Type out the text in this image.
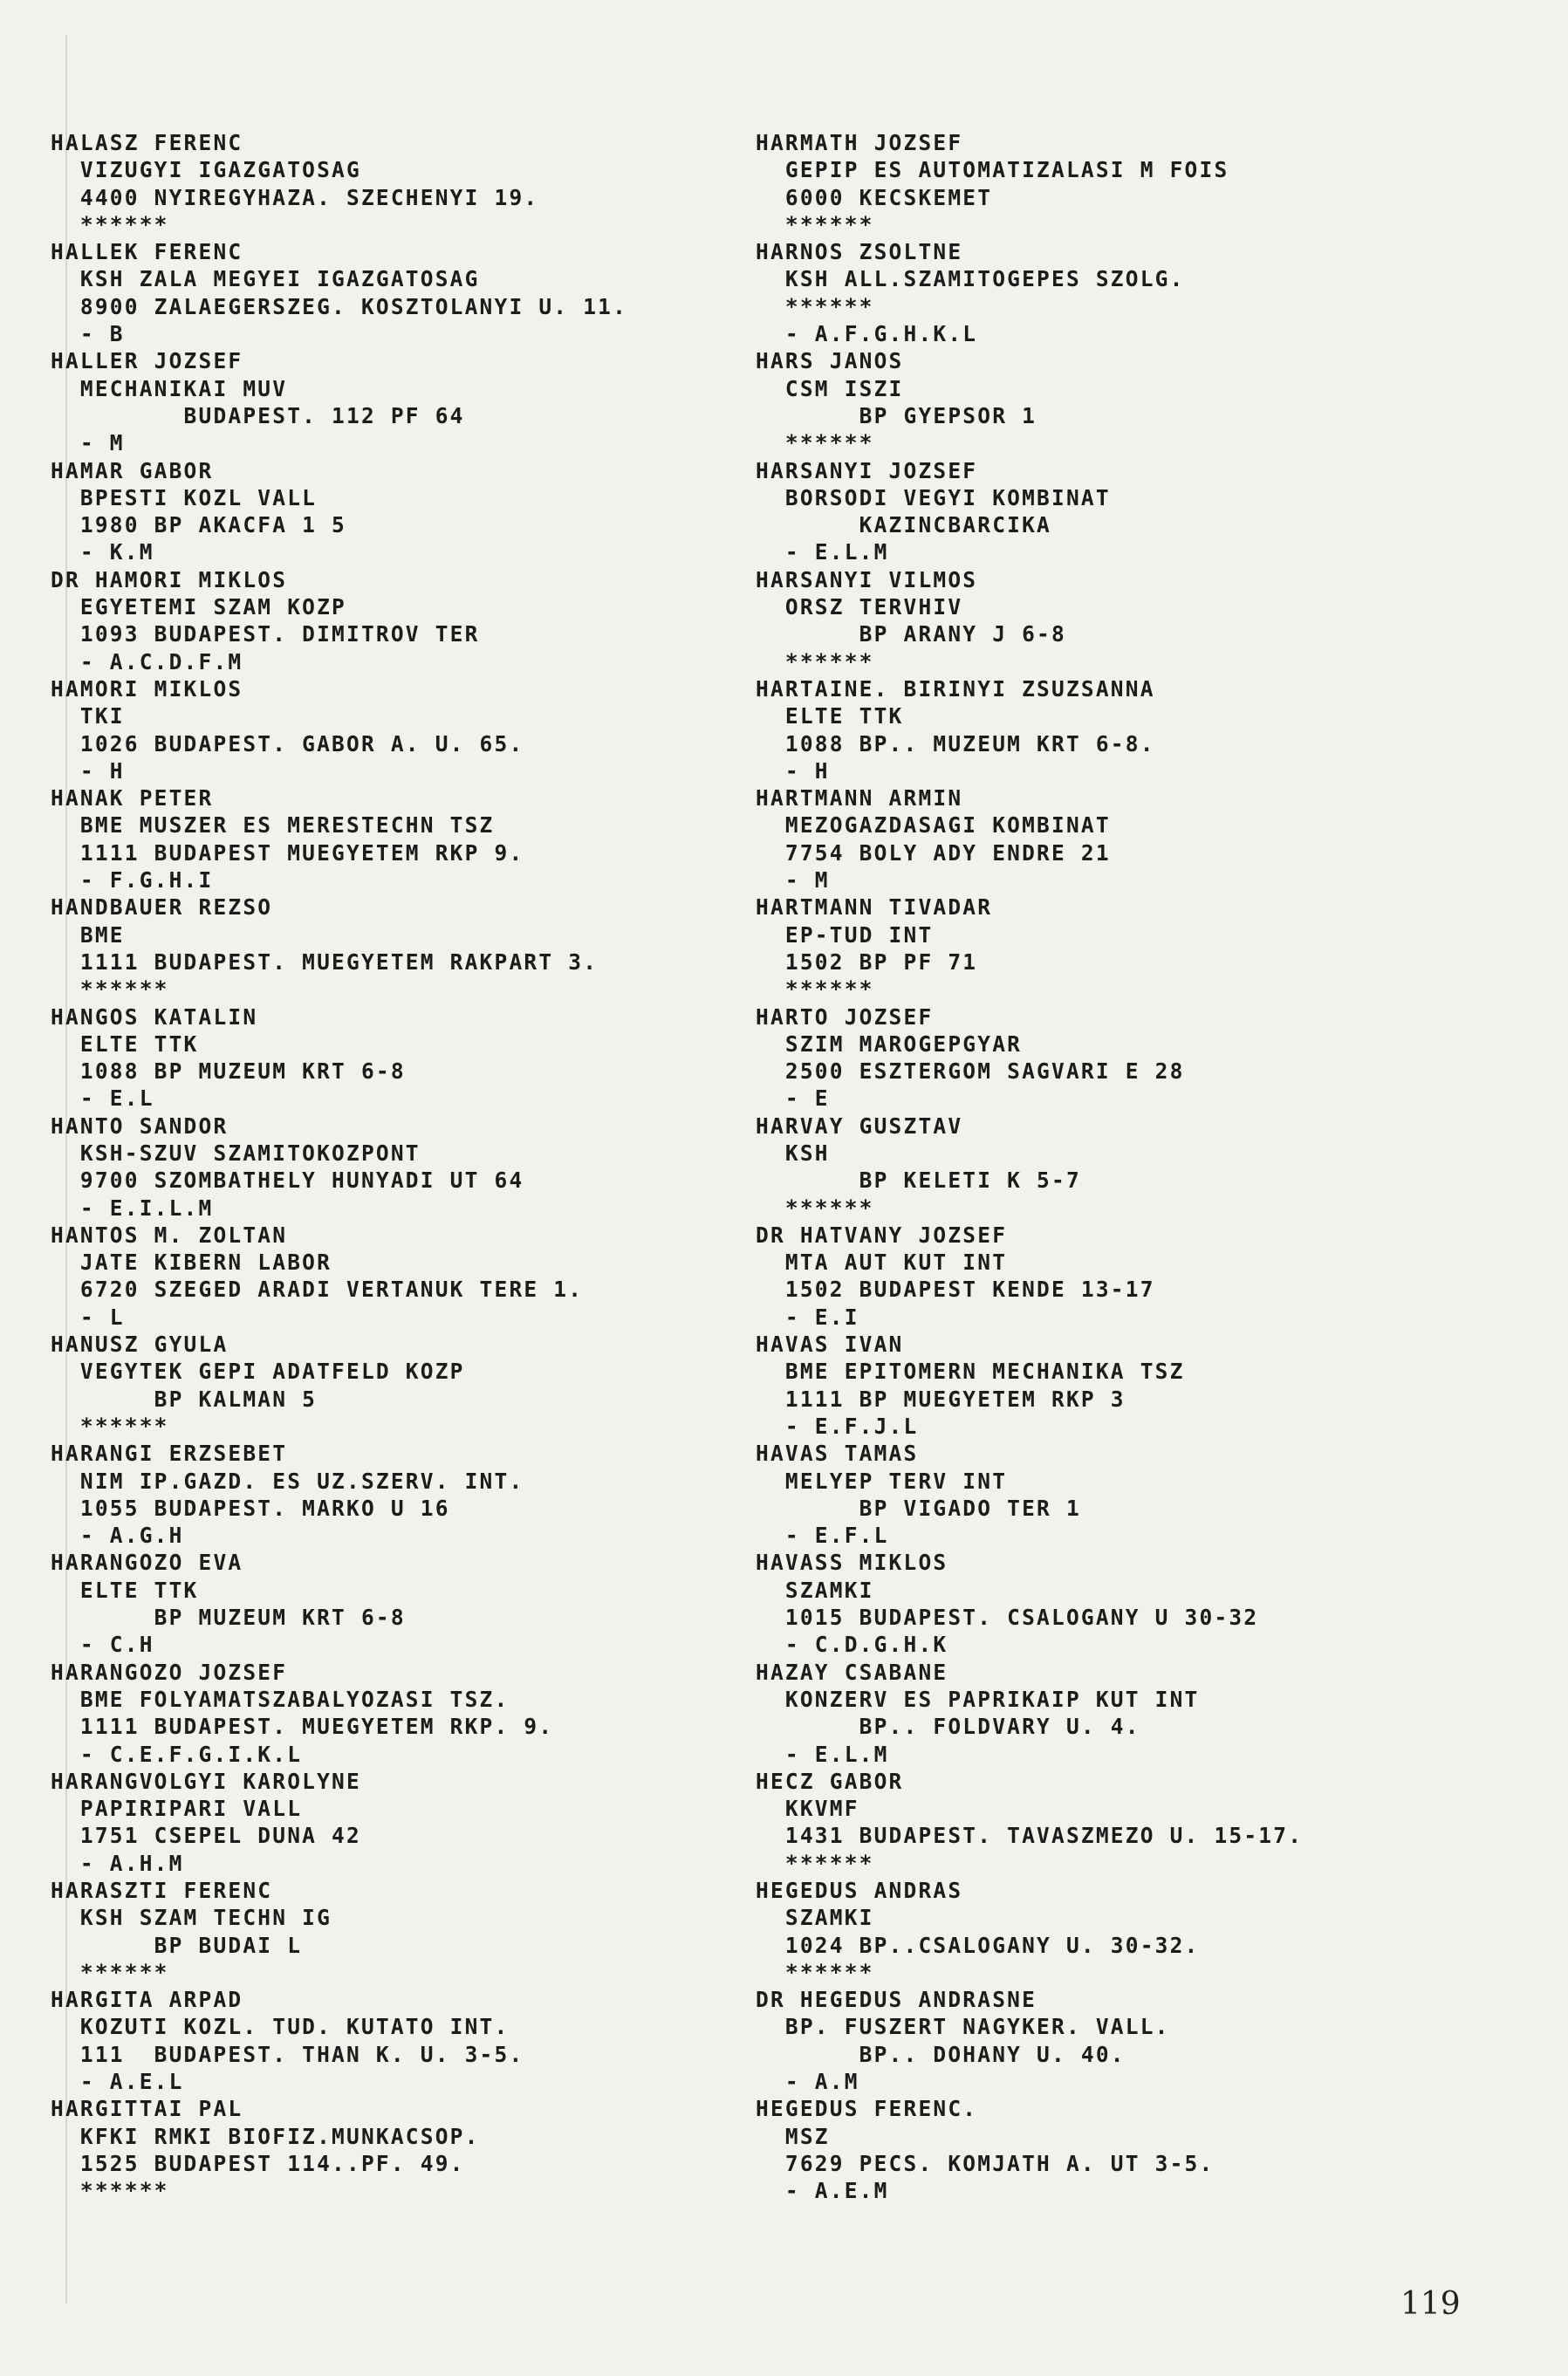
HALASZ FERENC
VIZUGYI IGAZGATOSAG
4400 NYIREGYHAZA. SZECHENYI 19.
******
HALLEK FERENC
KSH ZALA MEGYEI IGAZGATOSAG
8900 ZALAEGERSZEG. KOSZTOLANYI U. 11.
- B
HALLER JOZSEF
MECHANIKAI MUV
BUDAPEST. 112 PF 64
- M
HAMAR GABOR
BPESTI KOZL VALL
1980 BP AKACFA 1 5
- K.M
DR HAMORI MIKLOS
EGYETEMI SZAM KOZP
1093 BUDAPEST. DIMITROV TER
- A.C.D.F.M
HAMORI MIKLOS
TKI
1026 BUDAPEST. GABOR A. U. 65.
- H
HANAK PETER
BME MUSZER ES MERESTECHN TSZ
1111 BUDAPEST MUEGYETEM RKP 9.
- F.G.H.I
HANDBAUER REZSO
BME
1111 BUDAPEST. MUEGYETEM RAKPART 3.
******
HANGOS KATALIN
ELTE TTK
1088 BP MUZEUM KRT 6-8
- E.L
HANTO SANDOR
KSH-SZUV SZAMITOKOZPONT
9700 SZOMBATHELY HUNYADI UT 64
- E.I.L.M
HANTOS M. ZOLTAN
JATE KIBERN LABOR
6720 SZEGED ARADI VERTANUK TERE 1.
- L
HANUSZ GYULA
VEGYTEK GEPI ADATFELD KOZP
BP KALMAN 5
******
HARANGI ERZSEBET
NIM IP.GAZD. ES UZ.SZERV. INT.
1055 BUDAPEST. MARKO U 16
- A.G.H
HARANGOZO EVA
ELTE TTK
BP MUZEUM KRT 6-8
- C.H
HARANGOZO JOZSEF
BME FOLYAMATSZABALYOZASI TSZ.
1111 BUDAPEST. MUEGYETEM RKP. 9.
- C.E.F.G.I.K.L
HARANGVOLGYI KAROLYNE
PAPIRIPARI VALL
1751 CSEPEL DUNA 42
- A.H.M
HARASZTI FERENC
KSH SZAM TECHN IG
BP BUDAI L
******
HARGITA ARPAD
KOZUTI KOZL. TUD. KUTATO INT.
111  BUDAPEST. THAN K. U. 3-5.
- A.E.L
HARGITTAI PAL
KFKI RMKI BIOFIZ.MUNKACSOP.
1525 BUDAPEST 114..PF. 49.
******
HARMATH JOZSEF
GEPIP ES AUTOMATIZALASI M FOIS
6000 KECSKEMET
******
HARNOS ZSOLTNE
KSH ALL.SZAMITOGEPES SZOLG.
******
- A.F.G.H.K.L
HARS JANOS
CSM ISZI
BP GYEPSOR 1
******
HARSANYI JOZSEF
BORSODI VEGYI KOMBINAT
KAZINCBARCIKA
- E.L.M
HARSANYI VILMOS
ORSZ TERVHIV
BP ARANY J 6-8
******
HARTAINE. BIRINYI ZSUZSANNA
ELTE TTK
1088 BP.. MUZEUM KRT 6-8.
- H
HARTMANN ARMIN
MEZOGAZDASAGI KOMBINAT
7754 BOLY ADY ENDRE 21
- M
HARTMANN TIVADAR
EP-TUD INT
1502 BP PF 71
******
HARTO JOZSEF
SZIM MAROGEPGYAR
2500 ESZTERGOM SAGVARI E 28
- E
HARVAY GUSZTAV
KSH
BP KELETI K 5-7
******
DR HATVANY JOZSEF
MTA AUT KUT INT
1502 BUDAPEST KENDE 13-17
- E.I
HAVAS IVAN
BME EPITOMERN MECHANIKA TSZ
1111 BP MUEGYETEM RKP 3
- E.F.J.L
HAVAS TAMAS
MELYEP TERV INT
BP VIGADO TER 1
- E.F.L
HAVASS MIKLOS
SZAMKI
1015 BUDAPEST. CSALOGANY U 30-32
- C.D.G.H.K
HAZAY CSABANE
KONZERV ES PAPRIKAIP KUT INT
BP.. FOLDVARY U. 4.
- E.L.M
HECZ GABOR
KKVMF
1431 BUDAPEST. TAVASZMEZO U. 15-17.
******
HEGEDUS ANDRAS
SZAMKI
1024 BP..CSALOGANY U. 30-32.
******
DR HEGEDUS ANDRASNE
BP. FUSZERT NAGYKER. VALL.
BP.. DOHANY U. 40.
- A.M
HEGEDUS FERENC.
MSZ
7629 PECS. KOMJATH A. UT 3-5.
- A.E.M
119
